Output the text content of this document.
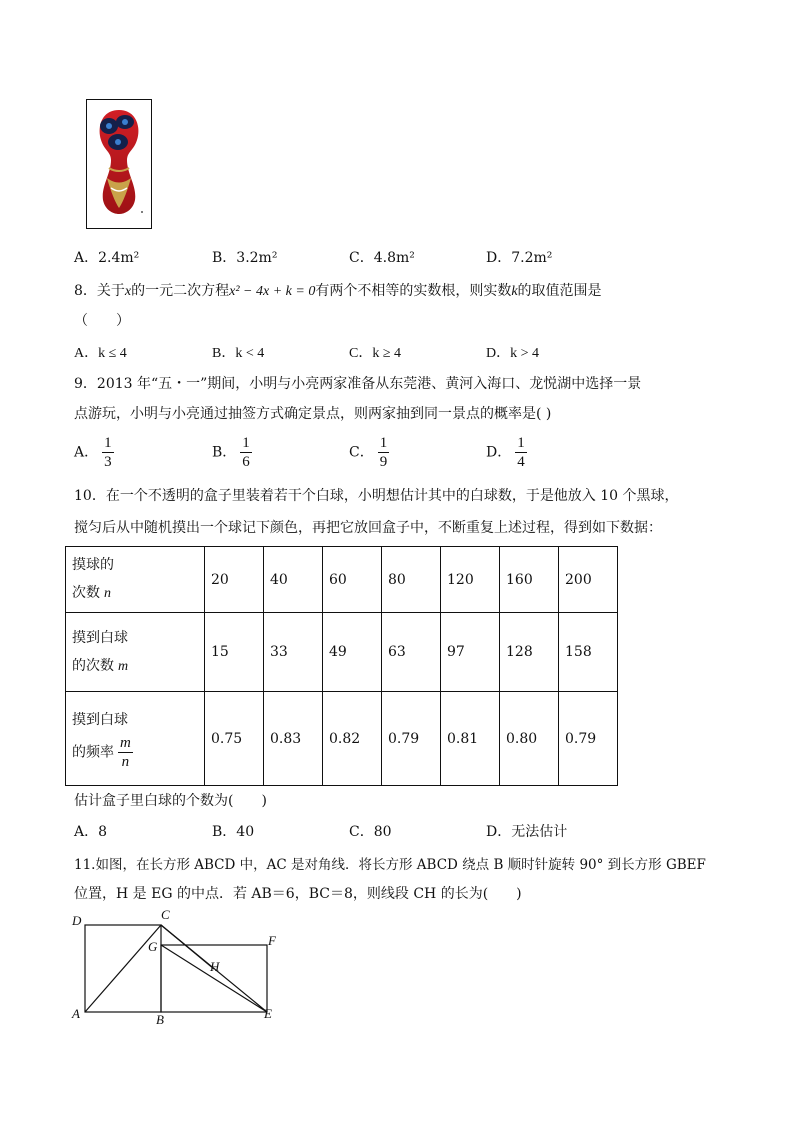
A．2.4m²	B．3.2m²	C．4.8m²	D．7.2m²
8．关于x的一元二次方程x² − 4x + k = 0有两个不相等的实数根，则实数k的取值范围是
（　　）
A．k ≤ 4	B．k < 4	C．k ≥ 4	D．k > 4
9．2013 年“五・一”期间，小明与小亮两家准备从东莞港、黄河入海口、龙悦湖中选择一景
点游玩，小明与小亮通过抽签方式确定景点，则两家抽到同一景点的概率是( )
A． $\frac{1}{3}$	B． $\frac{1}{6}$	C． $\frac{1}{9}$	D． $\frac{1}{4}$
10．在一个不透明的盒子里装着若干个白球，小明想估计其中的白球数，于是他放入 10 个黑球，
搅匀后从中随机摸出一个球记下颜色，再把它放回盒子中，不断重复上述过程，得到如下数据：
摸球的
次数 n	20	40	60	80	120	160	200
摸到白球
的次数 m	15	33	49	63	97	128	158
摸到白球
的频率 $\frac{m}{n}$	0.75	0.83	0.82	0.79	0.81	0.80	0.79
估计盒子里白球的个数为(　　)
A．8	B．40	C．80	D．无法估计
11.如图，在长方形 ABCD 中，AC 是对角线．将长方形 ABCD 绕点 B 顺时针旋转 90° 到长方形 GBEF
位置，H 是 EG 的中点．若 AB＝6，BC＝8，则线段 CH 的长为(　　)
D	C
G	F
H
A	B	E
